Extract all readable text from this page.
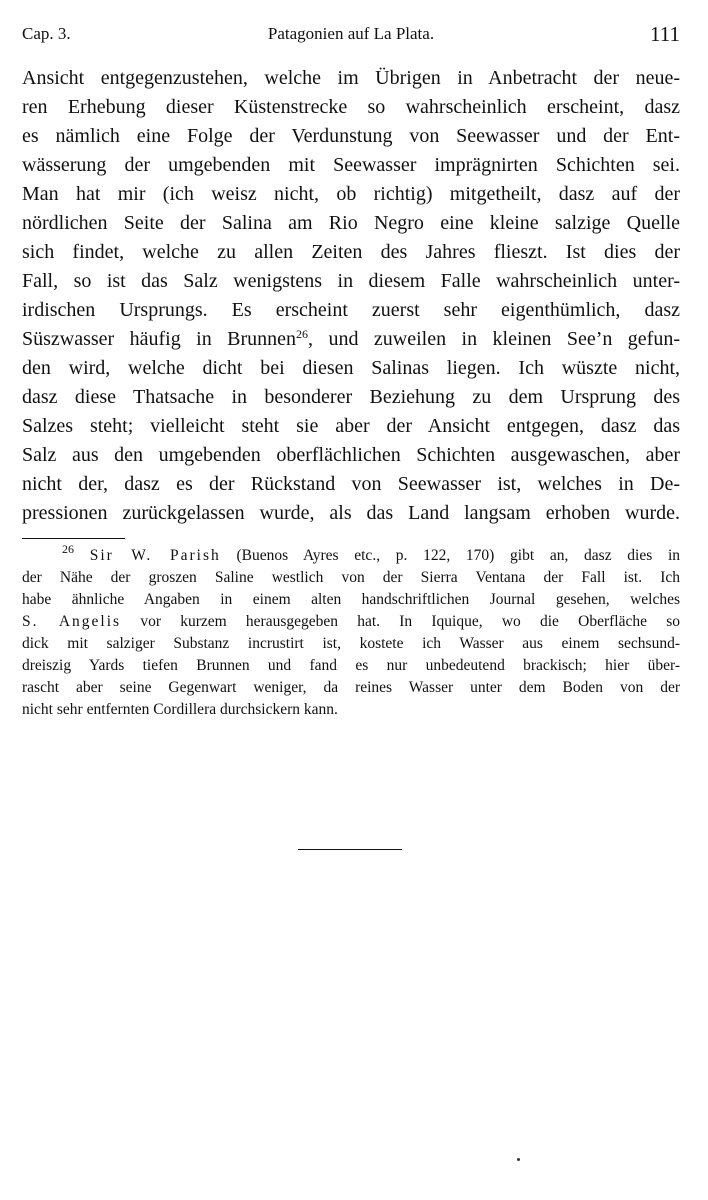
Cap. 3.	Patagonien auf La Plata.	111
Ansicht entgegenzustehen, welche im Übrigen in Anbetracht der neue-
ren Erhebung dieser Küstenstrecke so wahrscheinlich erscheint, dasz
es nämlich eine Folge der Verdunstung von Seewasser und der Ent-
wässerung der umgebenden mit Seewasser imprägnirten Schichten sei.
Man hat mir (ich weisz nicht, ob richtig) mitgetheilt, dasz auf der
nördlichen Seite der Salina am Rio Negro eine kleine salzige Quelle
sich findet, welche zu allen Zeiten des Jahres flieszt. Ist dies der
Fall, so ist das Salz wenigstens in diesem Falle wahrscheinlich unter-
irdischen Ursprungs. Es erscheint zuerst sehr eigenthümlich, dasz
Süszwasser häufig in Brunnen$^{26}$, und zuweilen in kleinen See’n gefun-
den wird, welche dicht bei diesen Salinas liegen. Ich wüszte nicht,
dasz diese Thatsache in besonderer Beziehung zu dem Ursprung des
Salzes steht; vielleicht steht sie aber der Ansicht entgegen, dasz das
Salz aus den umgebenden oberflächlichen Schichten ausgewaschen, aber
nicht der, dasz es der Rückstand von Seewasser ist, welches in De-
pressionen zurückgelassen wurde, als das Land langsam erhoben wurde.
$^{26}$ Sir W. Parish (Buenos Ayres etc., p. 122, 170) gibt an, dasz dies in
der Nähe der groszen Saline westlich von der Sierra Ventana der Fall ist. Ich
habe ähnliche Angaben in einem alten handschriftlichen Journal gesehen, welches
S. Angelis vor kurzem herausgegeben hat. In Iquique, wo die Oberfläche so
dick mit salziger Substanz incrustirt ist, kostete ich Wasser aus einem sechsund-
dreiszig Yards tiefen Brunnen und fand es nur unbedeutend brackisch; hier über-
rascht aber seine Gegenwart weniger, da reines Wasser unter dem Boden von der
nicht sehr entfernten Cordillera durchsickern kann.
